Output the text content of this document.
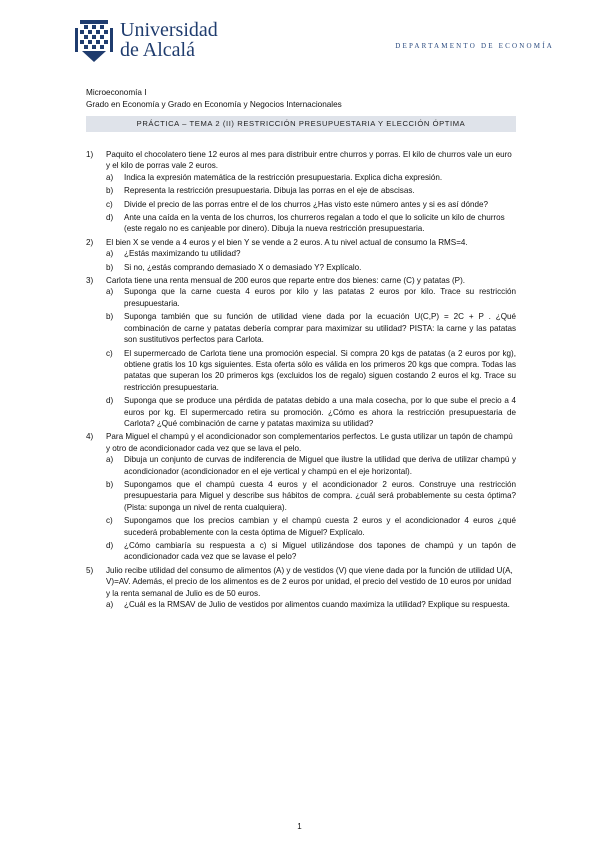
Universidad
de Alcalá	DEPARTAMENTO DE ECONOMÍA
Microeconomía I
Grado en Economía y Grado en Economía y Negocios Internacionales
PRÁCTICA – TEMA 2 (II) RESTRICCIÓN PRESUPUESTARIA Y ELECCIÓN ÓPTIMA
1) Paquito el chocolatero tiene 12 euros al mes para distribuir entre churros y porras. El kilo de churros vale un euro y el kilo de porras vale 2 euros.
a) Indica la expresión matemática de la restricción presupuestaria. Explica dicha expresión.
b) Representa la restricción presupuestaria. Dibuja las porras en el eje de abscisas.
c) Divide el precio de las porras entre el de los churros ¿Has visto este número antes y si es así dónde?
d) Ante una caída en la venta de los churros, los churreros regalan a todo el que lo solicite un kilo de churros (este regalo no es canjeable por dinero). Dibuja la nueva restricción presupuestaria.
2) El bien X se vende a 4 euros y el bien Y se vende a 2 euros. A tu nivel actual de consumo la RMS=4.
a) ¿Estás maximizando tu utilidad?
b) Si no, ¿estás comprando demasiado X o demasiado Y? Explícalo.
3) Carlota tiene una renta mensual de 200 euros que reparte entre dos bienes: carne (C) y patatas (P).
a) Suponga que la carne cuesta 4 euros por kilo y las patatas 2 euros por kilo. Trace su restricción presupuestaria.
b) Suponga también que su función de utilidad viene dada por la ecuación U(C,P) = 2C + P . ¿Qué combinación de carne y patatas debería comprar para maximizar su utilidad? PISTA: la carne y las patatas son sustitutivos perfectos para Carlota.
c) El supermercado de Carlota tiene una promoción especial. Si compra 20 kgs de patatas (a 2 euros por kg), obtiene gratis los 10 kgs siguientes. Esta oferta sólo es válida en los primeros 20 kgs que compra. Todas las patatas que superan los 20 primeros kgs (excluidos los de regalo) siguen costando 2 euros el kg. Trace su restricción presupuestaria.
d) Suponga que se produce una pérdida de patatas debido a una mala cosecha, por lo que sube el precio a 4 euros por kg. El supermercado retira su promoción. ¿Cómo es ahora la restricción presupuestaria de Carlota? ¿Qué combinación de carne y patatas maximiza su utilidad?
4) Para Miguel el champú y el acondicionador son complementarios perfectos. Le gusta utilizar un tapón de champú y otro de acondicionador cada vez que se lava el pelo.
a) Dibuja un conjunto de curvas de indiferencia de Miguel que ilustre la utilidad que deriva de utilizar champú y acondicionador (acondicionador en el eje vertical y champú en el eje horizontal).
b) Supongamos que el champú cuesta 4 euros y el acondicionador 2 euros. Construye una restricción presupuestaria para Miguel y describe sus hábitos de compra. ¿cuál será probablemente su cesta óptima? (Pista: suponga un nivel de renta cualquiera).
c) Supongamos que los precios cambian y el champú cuesta 2 euros y el acondicionador 4 euros ¿qué sucederá probablemente con la cesta óptima de Miguel? Explícalo.
d) ¿Cómo cambiaría su respuesta a c) si Miguel utilizándose dos tapones de champú y un tapón de acondicionador cada vez que se lavase el pelo?
5) Julio recibe utilidad del consumo de alimentos (A) y de vestidos (V) que viene dada por la función de utilidad U(A, V)=AV. Además, el precio de los alimentos es de 2 euros por unidad, el precio del vestido de 10 euros por unidad y la renta semanal de Julio es de 50 euros.
a) ¿Cuál es la RMSAV de Julio de vestidos por alimentos cuando maximiza la utilidad? Explique su respuesta.
1
